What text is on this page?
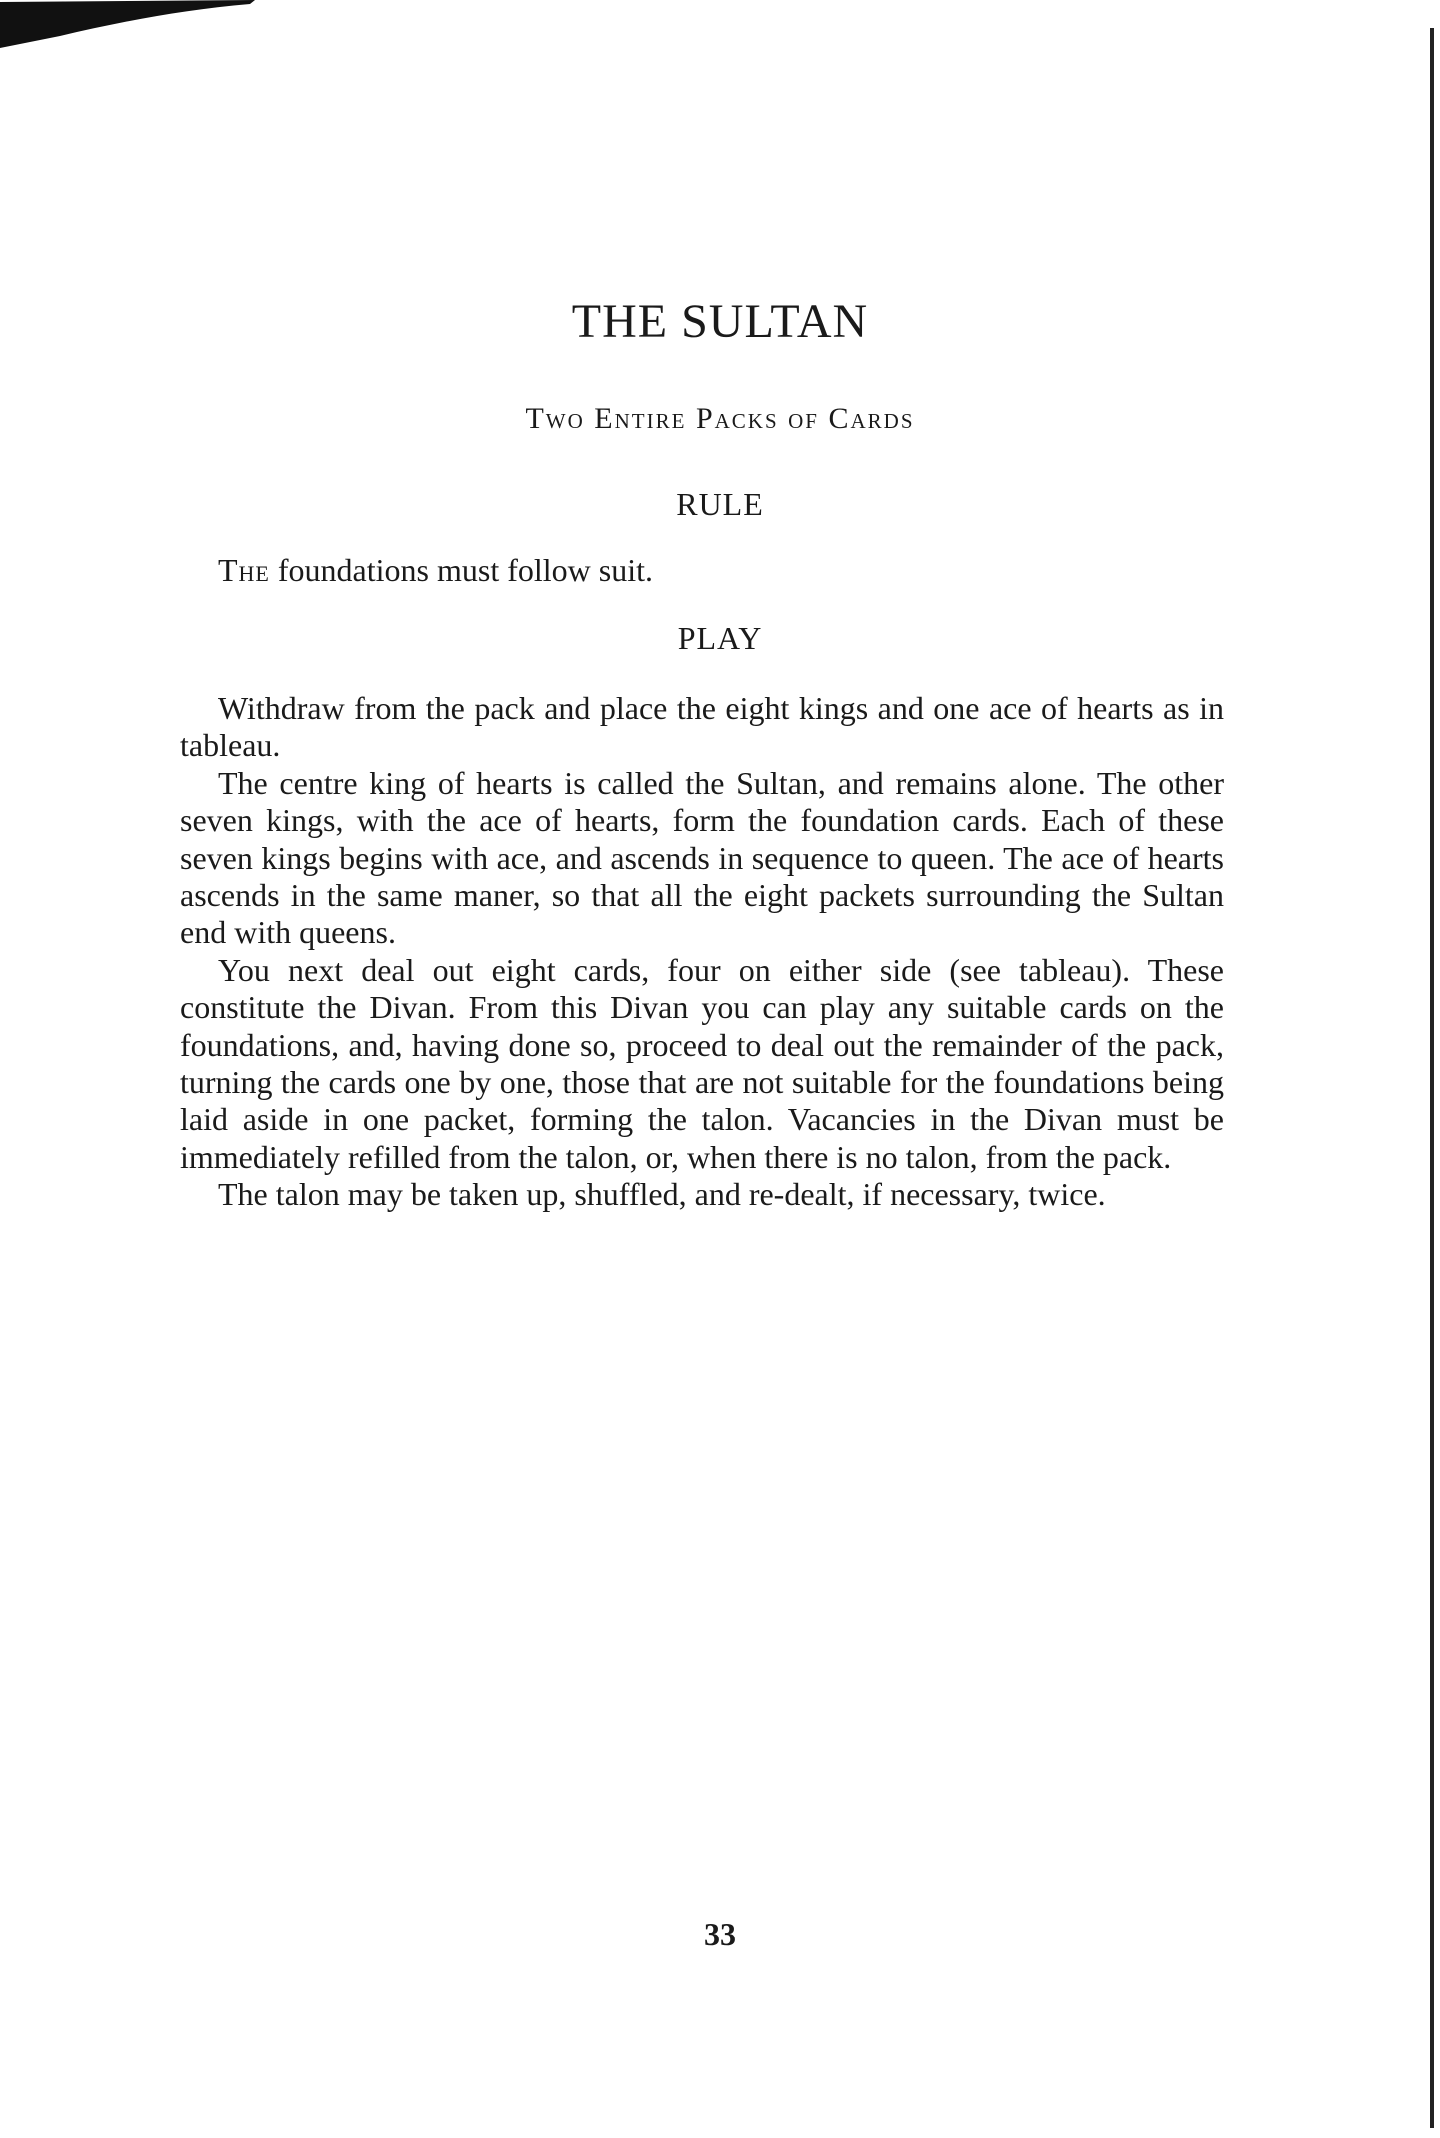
THE SULTAN
Two Entire Packs of Cards
RULE
The foundations must follow suit.
PLAY

Withdraw from the pack and place the eight kings and one ace of hearts as in tableau.

The centre king of hearts is called the Sultan, and remains alone. The other seven kings, with the ace of hearts, form the foundation cards. Each of these seven kings begins with ace, and ascends in sequence to queen. The ace of hearts ascends in the same maner, so that all the eight packets surrounding the Sultan end with queens.

You next deal out eight cards, four on either side (see tableau). These constitute the Divan. From this Divan you can play any suitable cards on the foundations, and, having done so, proceed to deal out the remainder of the pack, turning the cards one by one, those that are not suitable for the foundations being laid aside in one packet, forming the talon. Vacancies in the Divan must be immediately refilled from the talon, or, when there is no talon, from the pack.

The talon may be taken up, shuffled, and re-dealt, if necessary, twice.

33
